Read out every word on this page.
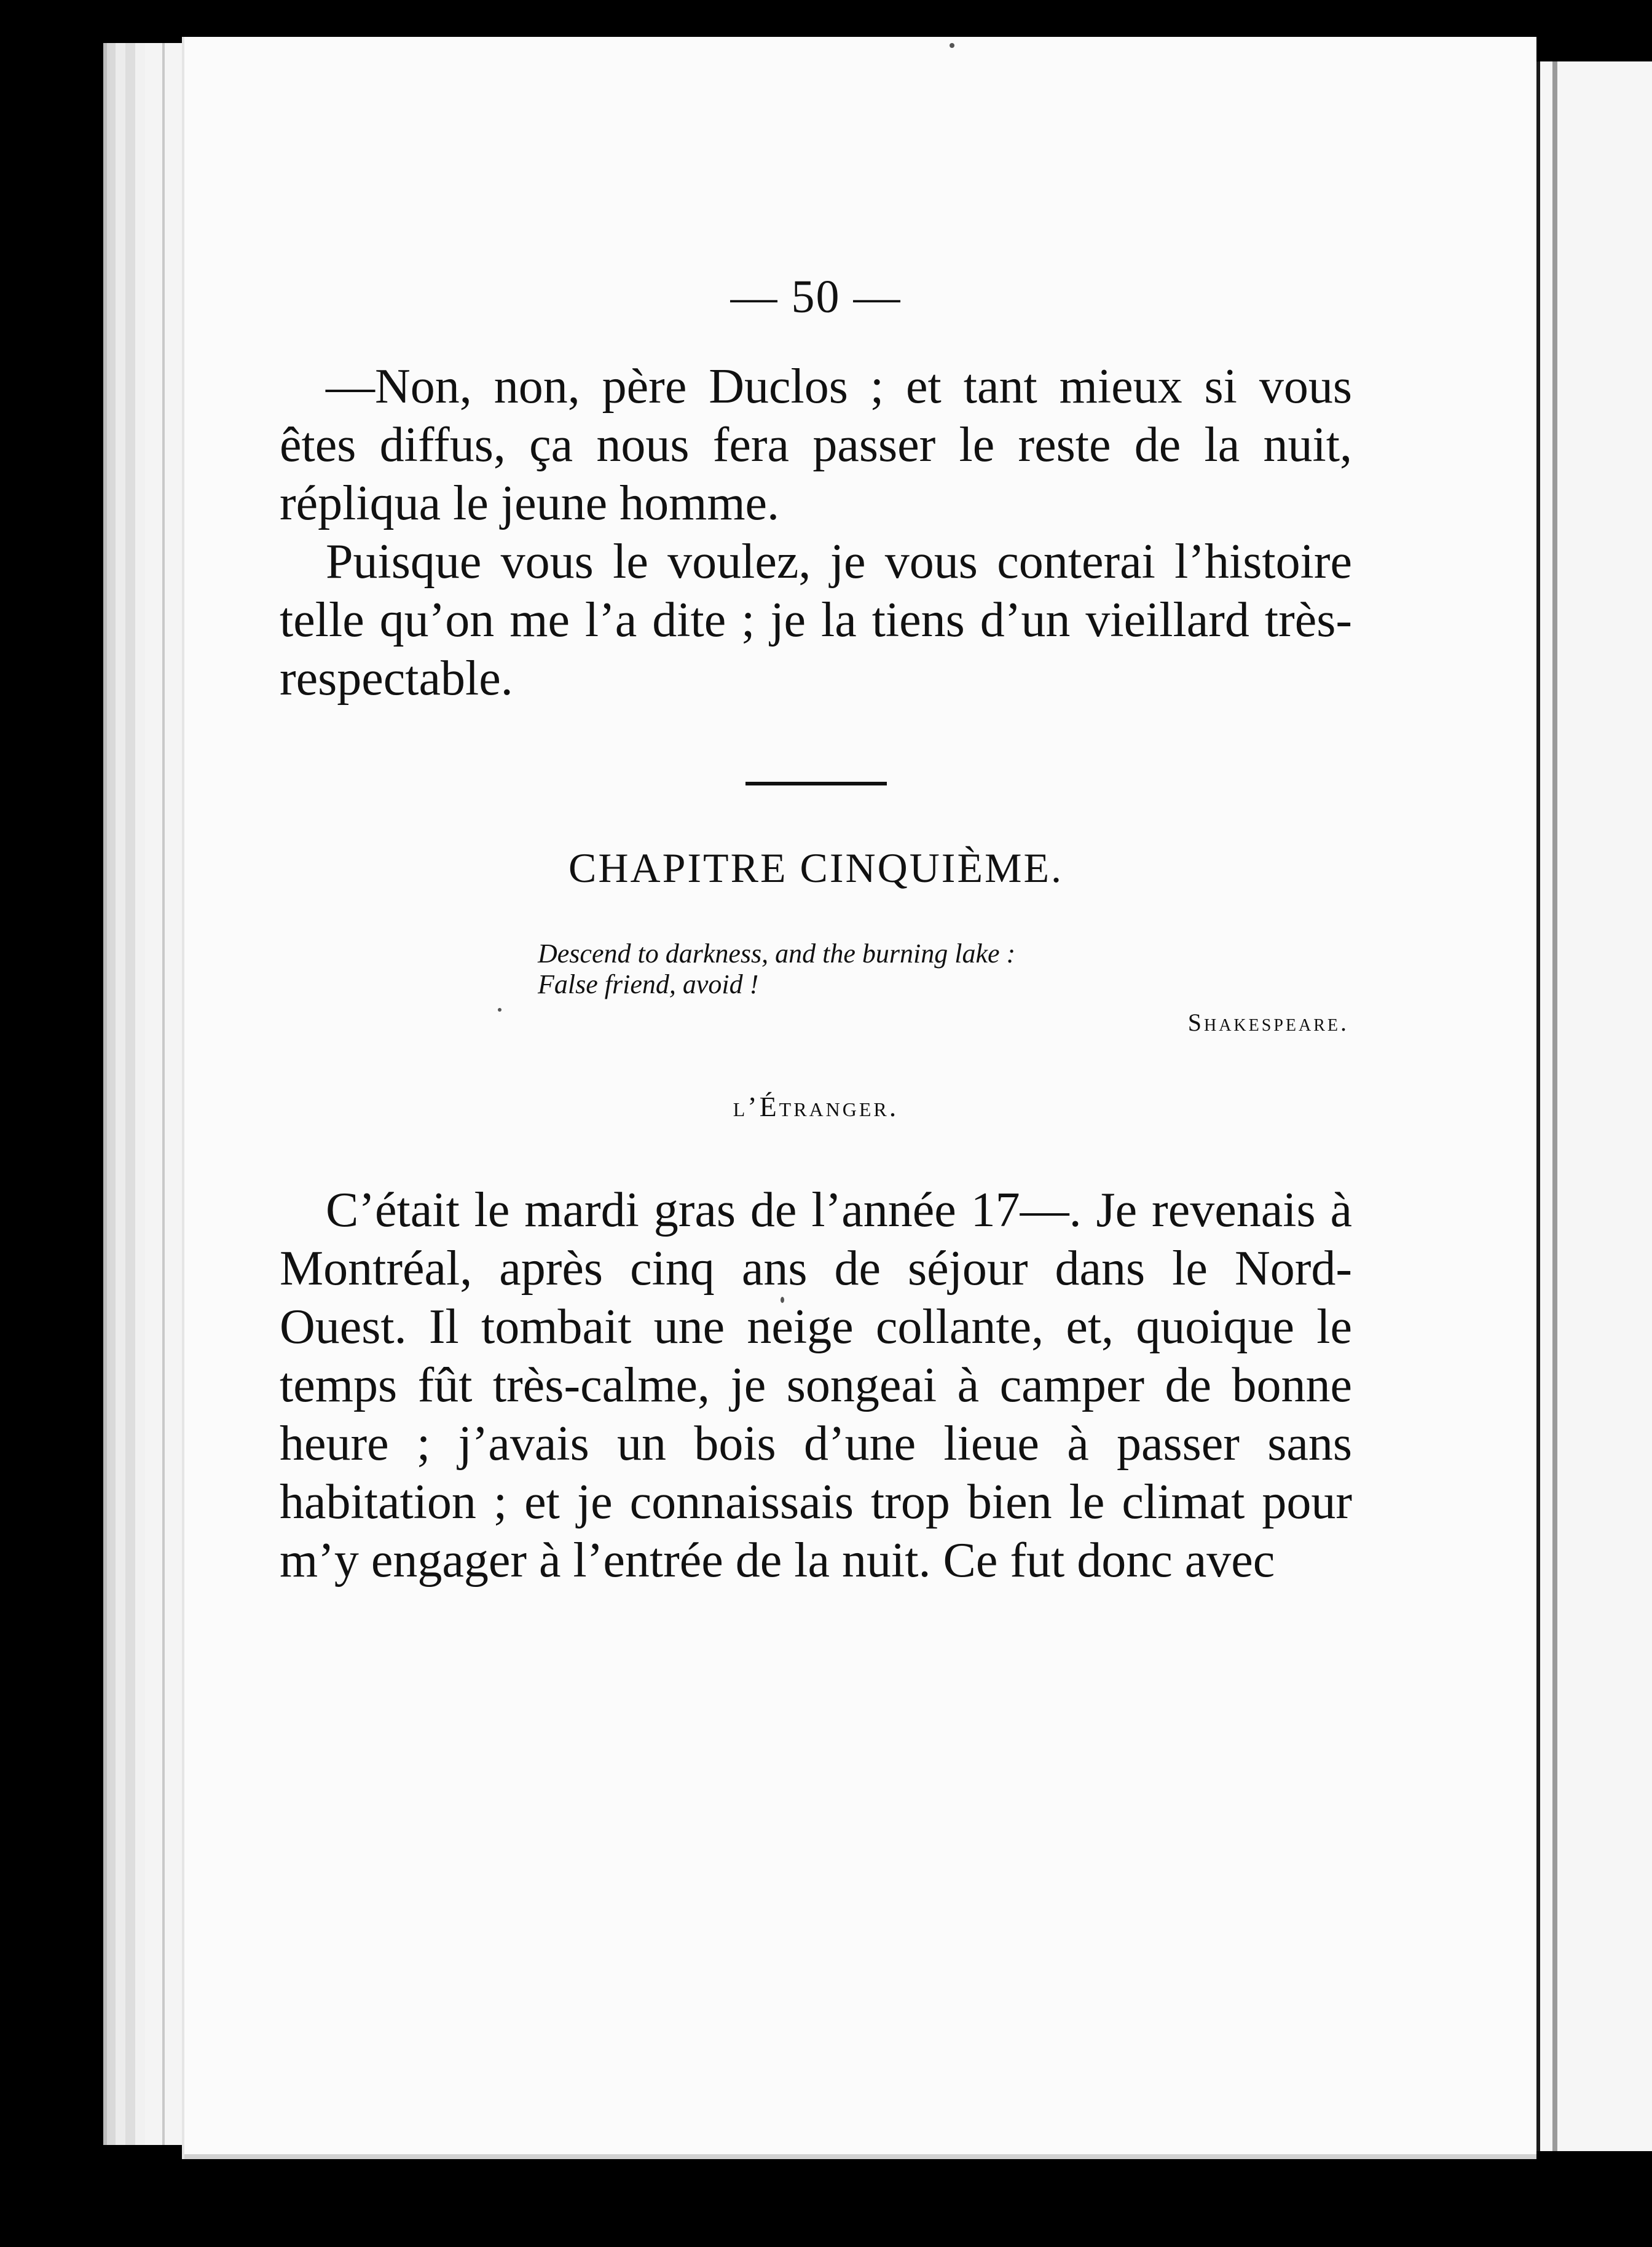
— 50 —

—Non, non, père Duclos ; et tant mieux si vous êtes diffus, ça nous fera passer le reste de la nuit, répliqua le jeune homme.

Puisque vous le voulez, je vous conterai l’histoire telle qu’on me l’a dite ; je la tiens d’un vieillard très-respectable.

CHAPITRE CINQUIÈME.
Descend to darkness, and the burning lake :
False friend, avoid !
Shakespeare.
l’Étranger.

C’était le mardi gras de l’année 17—. Je revenais à Montréal, après cinq ans de séjour dans le Nord-Ouest. Il tombait une neige collante, et, quoique le temps fût très-calme, je songeai à camper de bonne heure ; j’avais un bois d’une lieue à passer sans habitation ; et je connaissais trop bien le climat pour m’y engager à l’entrée de la nuit. Ce fut donc avec
